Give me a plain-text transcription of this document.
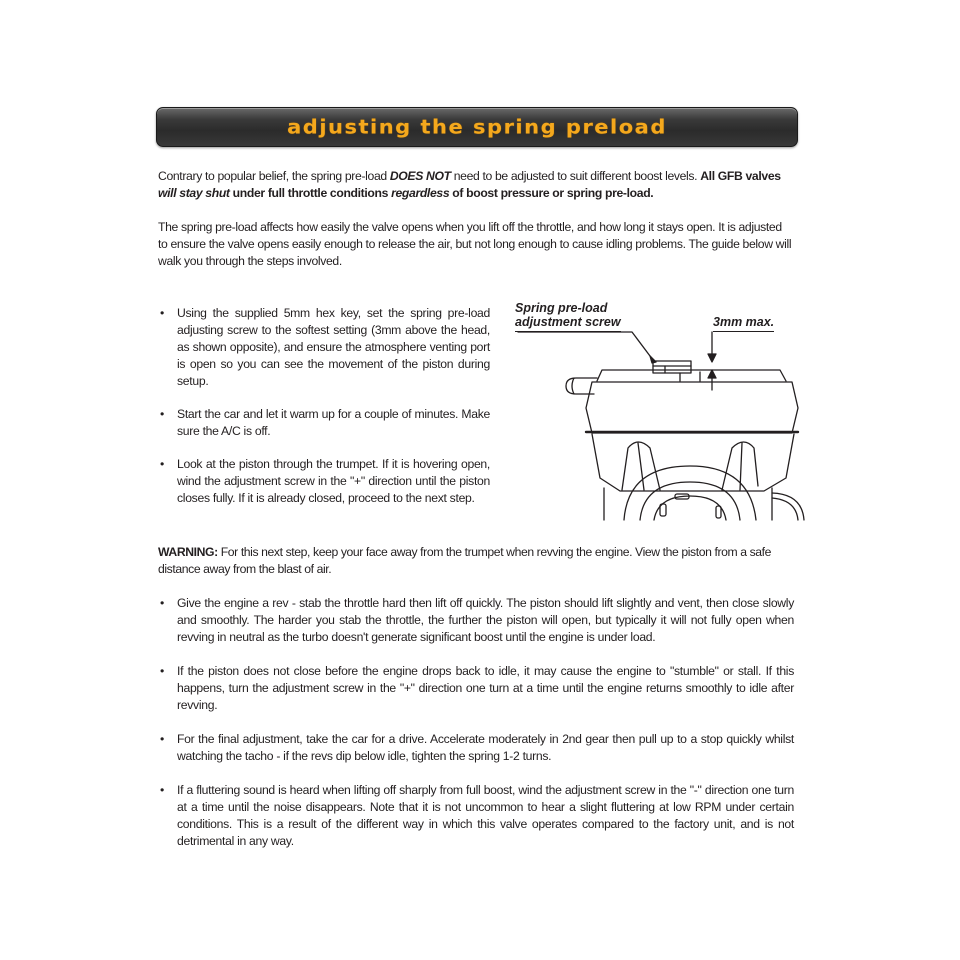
adjusting the spring preload

Contrary to popular belief, the spring pre-load DOES NOT need to be adjusted to suit different boost levels. All GFB valves will stay shut under full throttle conditions regardless of boost pressure or spring pre-load.

The spring pre-load affects how easily the valve opens when you lift off the throttle, and how long it stays open. It is adjusted to ensure the valve opens easily enough to release the air, but not long enough to cause idling problems. The guide below will walk you through the steps involved.

• Using the supplied 5mm hex key, set the spring pre-load adjusting screw to the softest setting (3mm above the head, as shown opposite), and ensure the atmosphere venting port is open so you can see the movement of the piston during setup.
• Start the car and let it warm up for a couple of minutes. Make sure the A/C is off.
• Look at the piston through the trumpet. If it is hovering open, wind the adjustment screw in the "+" direction until the piston closes fully. If it is already closed, proceed to the next step.
Spring pre-load
adjustment screw	3mm max.

WARNING: For this next step, keep your face away from the trumpet when revving the engine. View the piston from a safe distance away from the blast of air.

• Give the engine a rev - stab the throttle hard then lift off quickly. The piston should lift slightly and vent, then close slowly and smoothly. The harder you stab the throttle, the further the piston will open, but typically it will not fully open when revving in neutral as the turbo doesn't generate significant boost until the engine is under load.
• If the piston does not close before the engine drops back to idle, it may cause the engine to "stumble" or stall. If this happens, turn the adjustment screw in the "+" direction one turn at a time until the engine returns smoothly to idle after revving.
• For the final adjustment, take the car for a drive. Accelerate moderately in 2nd gear then pull up to a stop quickly whilst watching the tacho - if the revs dip below idle, tighten the spring 1-2 turns.
• If a fluttering sound is heard when lifting off sharply from full boost, wind the adjustment screw in the "-" direction one turn at a time until the noise disappears. Note that it is not uncommon to hear a slight fluttering at low RPM under certain conditions. This is a result of the different way in which this valve operates compared to the factory unit, and is not detrimental in any way.
